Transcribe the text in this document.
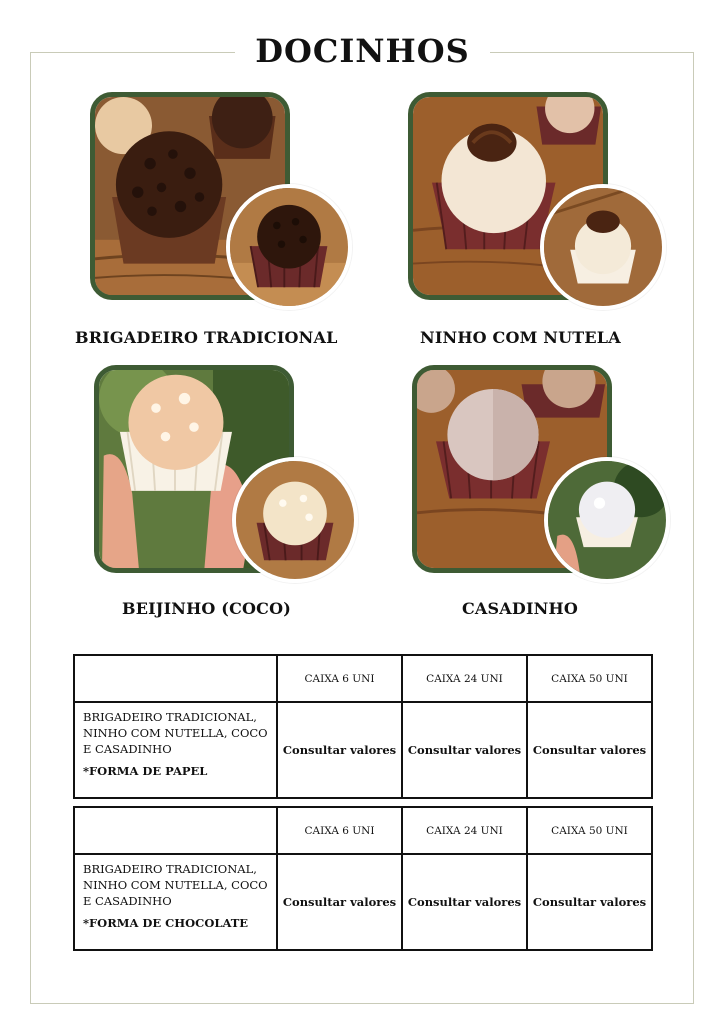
DOCINHOS
BRIGADEIRO TRADICIONAL	NINHO COM NUTELA
BEIJINHO (COCO)	CASADINHO
	CAIXA 6 UNI	CAIXA 24 UNI	CAIXA 50 UNI
BRIGADEIRO TRADICIONAL, NINHO COM NUTELLA, COCO E CASADINHO
*FORMA DE PAPEL	Consultar valores	Consultar valores	Consultar valores
	CAIXA 6 UNI	CAIXA 24 UNI	CAIXA 50 UNI
BRIGADEIRO TRADICIONAL, NINHO COM NUTELLA, COCO E CASADINHO
*FORMA DE CHOCOLATE	Consultar valores	Consultar valores	Consultar valores
